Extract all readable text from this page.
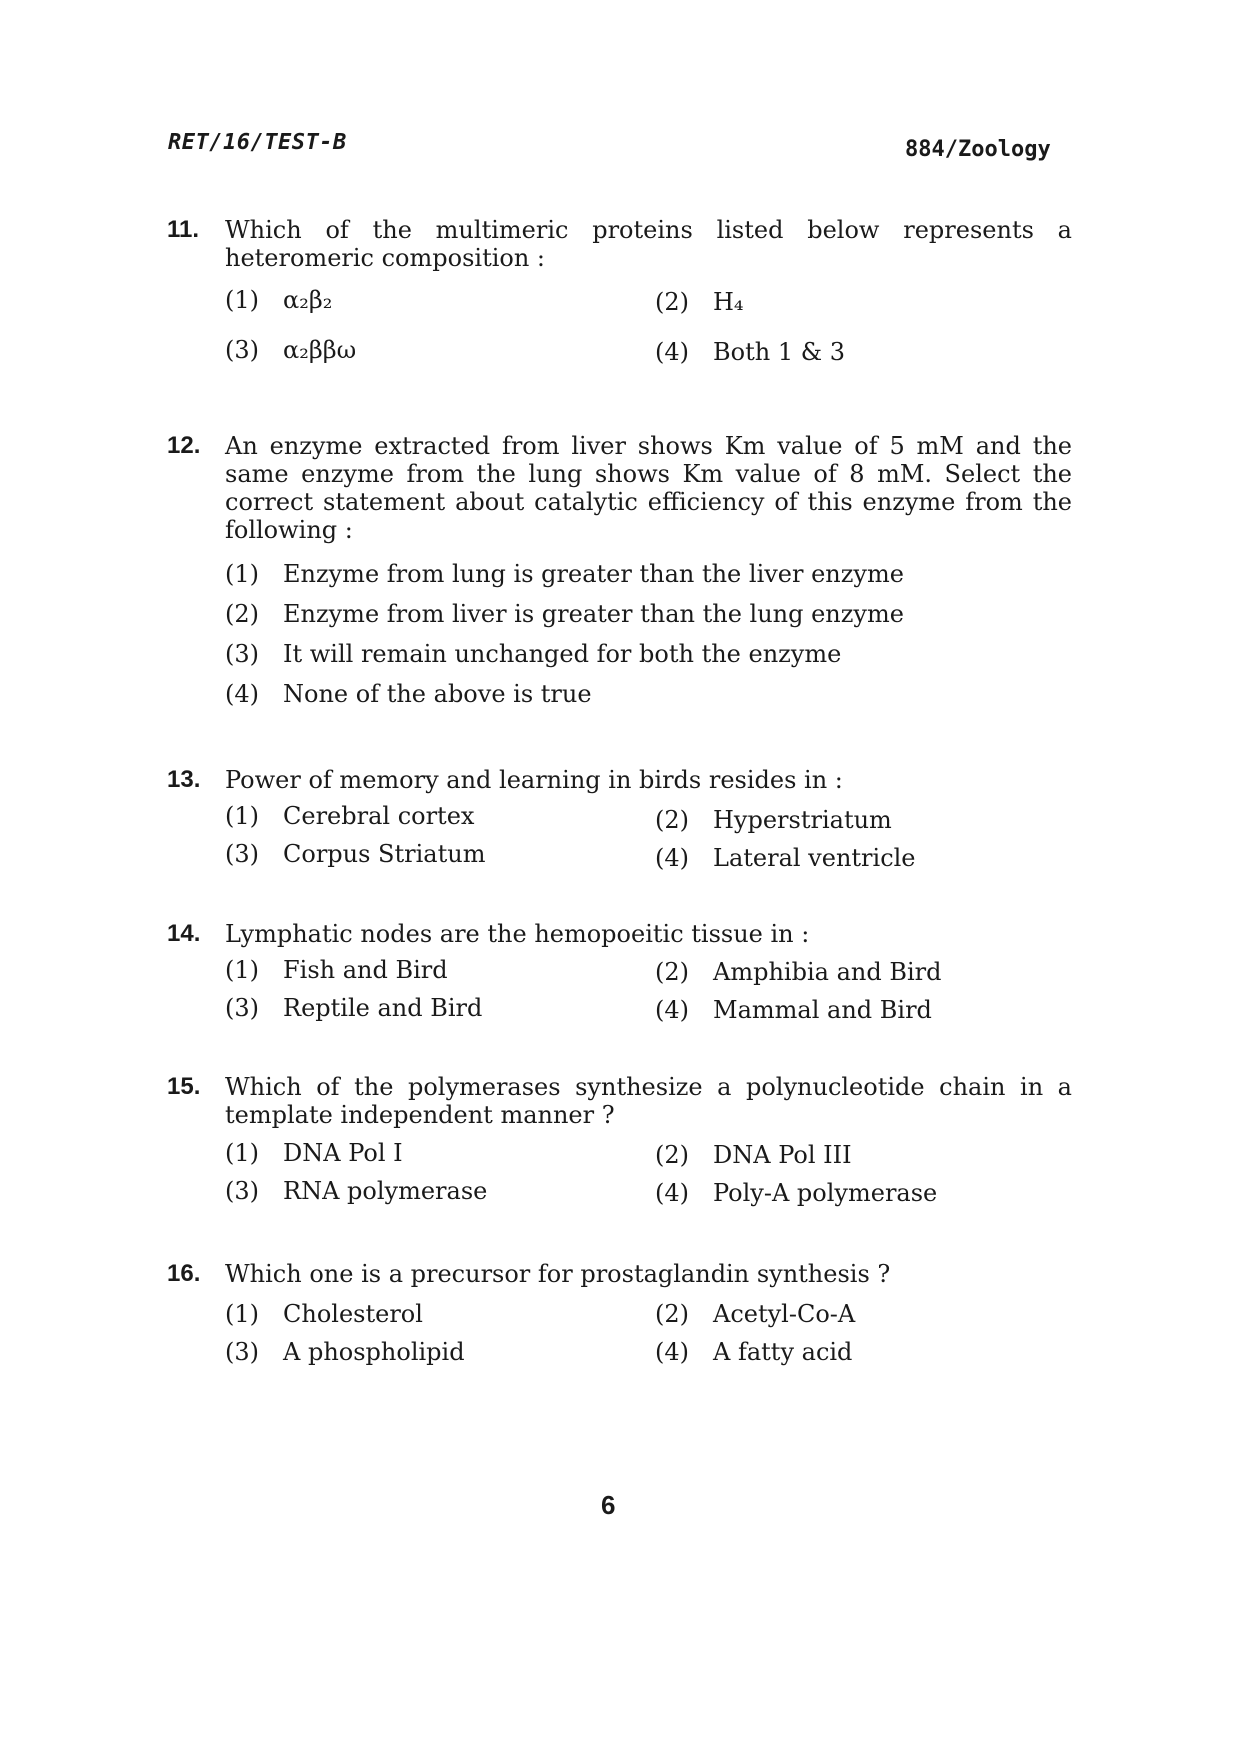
RET/16/TEST-B	884/Zoology
11. Which of the multimeric proteins listed below represents a heteromeric composition :
(1) α₂β₂	(2) H₄
(3) α₂ββω	(4) Both 1 & 3
12. An enzyme extracted from liver shows Km value of 5 mM and the same enzyme from the lung shows Km value of 8 mM. Select the correct statement about catalytic efficiency of this enzyme from the following :
(1) Enzyme from lung is greater than the liver enzyme
(2) Enzyme from liver is greater than the lung enzyme
(3) It will remain unchanged for both the enzyme
(4) None of the above is true
13. Power of memory and learning in birds resides in :
(1) Cerebral cortex	(2) Hyperstriatum
(3) Corpus Striatum	(4) Lateral ventricle
14. Lymphatic nodes are the hemopoeitic tissue in :
(1) Fish and Bird	(2) Amphibia and Bird
(3) Reptile and Bird	(4) Mammal and Bird
15. Which of the polymerases synthesize a polynucleotide chain in a template independent manner ?
(1) DNA Pol I	(2) DNA Pol III
(3) RNA polymerase	(4) Poly-A polymerase
16. Which one is a precursor for prostaglandin synthesis ?
(1) Cholesterol	(2) Acetyl-Co-A
(3) A phospholipid	(4) A fatty acid
6
